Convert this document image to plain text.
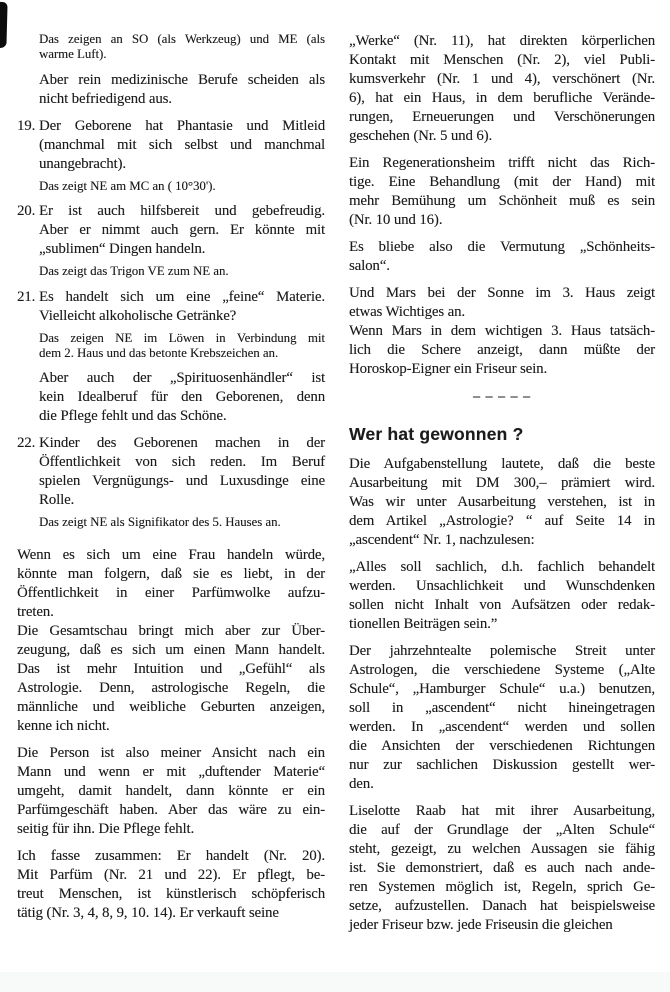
Das zeigen an SO (als Werkzeug) und ME (als
warme Luft).
Aber rein medizinische Berufe scheiden als
nicht befriedigend aus.
19. Der Geborene hat Phantasie und Mitleid
(manchmal mit sich selbst und manchmal
unangebracht).
Das zeigt NE am MC an ( 10°30').
20. Er ist auch hilfsbereit und gebefreudig.
Aber er nimmt auch gern. Er könnte mit
„sublimen“ Dingen handeln.
Das zeigt das Trigon VE zum NE an.
21. Es handelt sich um eine „feine“ Materie.
Vielleicht alkoholische Getränke?
Das zeigen NE im Löwen in Verbindung mit
dem 2. Haus und das betonte Krebszeichen an.
Aber auch der „Spirituosenhändler“ ist
kein Idealberuf für den Geborenen, denn
die Pflege fehlt und das Schöne.
22. Kinder des Geborenen machen in der
Öffentlichkeit von sich reden. Im Beruf
spielen Vergnügungs- und Luxusdinge eine
Rolle.
Das zeigt NE als Signifikator des 5. Hauses an.
Wenn es sich um eine Frau handeln würde,
könnte man folgern, daß sie es liebt, in der
Öffentlichkeit in einer Parfümwolke aufzu-
treten.
Die Gesamtschau bringt mich aber zur Über-
zeugung, daß es sich um einen Mann handelt.
Das ist mehr Intuition und „Gefühl“ als
Astrologie. Denn, astrologische Regeln, die
männliche und weibliche Geburten anzeigen,
kenne ich nicht.
Die Person ist also meiner Ansicht nach ein
Mann und wenn er mit „duftender Materie“
umgeht, damit handelt, dann könnte er ein
Parfümgeschäft haben. Aber das wäre zu ein-
seitig für ihn. Die Pflege fehlt.
Ich fasse zusammen: Er handelt (Nr. 20).
Mit Parfüm (Nr. 21 und 22). Er pflegt, be-
treut Menschen, ist künstlerisch schöpferisch
tätig (Nr. 3, 4, 8, 9, 10. 14). Er verkauft seine
„Werke“ (Nr. 11), hat direkten körperlichen
Kontakt mit Menschen (Nr. 2), viel Publi-
kumsverkehr (Nr. 1 und 4), verschönert (Nr.
6), hat ein Haus, in dem berufliche Verände-
rungen, Erneuerungen und Verschönerungen
geschehen (Nr. 5 und 6).
Ein Regenerationsheim trifft nicht das Rich-
tige. Eine Behandlung (mit der Hand) mit
mehr Bemühung um Schönheit muß es sein
(Nr. 10 und 16).
Es bliebe also die Vermutung „Schönheits-
salon“.
Und Mars bei der Sonne im 3. Haus zeigt
etwas Wichtiges an.
Wenn Mars in dem wichtigen 3. Haus tatsäch-
lich die Schere anzeigt, dann müßte der
Horoskop-Eigner ein Friseur sein.
– – – – –
Wer hat gewonnen ?
Die Aufgabenstellung lautete, daß die beste
Ausarbeitung mit DM 300,– prämiert wird.
Was wir unter Ausarbeitung verstehen, ist in
dem Artikel „Astrologie? “ auf Seite 14 in
„ascendent“ Nr. 1, nachzulesen:
„Alles soll sachlich, d.h. fachlich behandelt
werden. Unsachlichkeit und Wunschdenken
sollen nicht Inhalt von Aufsätzen oder redak-
tionellen Beiträgen sein.”
Der jahrzehntealte polemische Streit unter
Astrologen, die verschiedene Systeme („Alte
Schule“, „Hamburger Schule“ u.a.) benutzen,
soll in „ascendent“ nicht hineingetragen
werden. In „ascendent“ werden und sollen
die Ansichten der verschiedenen Richtungen
nur zur sachlichen Diskussion gestellt wer-
den.
Liselotte Raab hat mit ihrer Ausarbeitung,
die auf der Grundlage der „Alten Schule“
steht, gezeigt, zu welchen Aussagen sie fähig
ist. Sie demonstriert, daß es auch nach ande-
ren Systemen möglich ist, Regeln, sprich Ge-
setze, aufzustellen. Danach hat beispielsweise
jeder Friseur bzw. jede Friseusin die gleichen
